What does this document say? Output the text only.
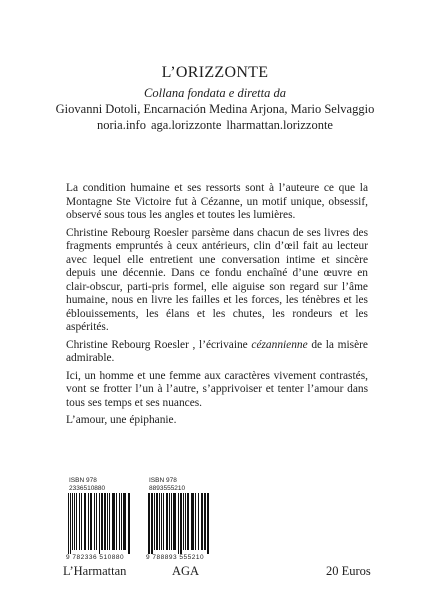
L’ORIZZONTE
Collana fondata e diretta da
Giovanni Dotoli, Encarnación Medina Arjona, Mario Selvaggio
noria.info aga.lorizzonte lharmattan.lorizzonte

La condition humaine et ses ressorts sont à l’auteure ce que la Montagne Ste Victoire fut à Cézanne, un motif unique, obsessif, observé sous tous les angles et toutes les lumières.

Christine Rebourg Roesler parsème dans chacun de ses livres des fragments empruntés à ceux antérieurs, clin d’œil fait au lecteur avec lequel elle entretient une conversation intime et sincère depuis une décennie. Dans ce fondu enchaîné d’une œuvre en clair-obscur, parti-pris formel, elle aiguise son regard sur l’âme humaine, nous en livre les failles et les forces, les ténèbres et les éblouissements, les élans et les chutes, les rondeurs et les aspérités.

Christine Rebourg Roesler , l’écrivaine cézannienne de la misère admirable.

Ici, un homme et une femme aux caractères vivement contrastés, vont se frotter l’un à l’autre, s’apprivoiser et tenter l’amour dans tous ses temps et ses nuances.

L’amour, une épiphanie.

ISBN 978 2336510880
9 782336 510880
ISBN 978 8893555210
9 788893 555210
L’Harmattan	AGA	20 Euros
